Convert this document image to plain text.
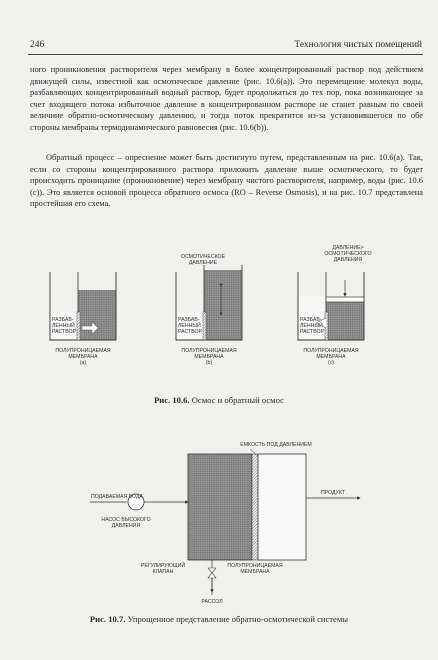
246	Технология чистых помещений

ного проникновения растворителя через мембрану в более концентрированный раствор под действием движущей силы, известной как осмотическое давление (рис. 10.6(a)). Это перемещение молекул воды, разбавляющих концентрированный водный раствор, будет продолжаться до тех пор, пока возникающее за счет входящего потока избыточное давление в концентрированном растворе не станет равным по своей величине обратно-осмотическому давлению, и тогда поток прекратится из-за установившегося по обе стороны мембраны термодинамического равновесия (рис. 10.6(b)).

Обратный процесс – опреснение может быть достигнуто путем, представленным на рис. 10.6(a). Так, если со стороны концентрированного раствора приложить давление выше осмотического, то будет происходить проницание (проникновение) через мембрану чистого растворителя, например, воды (рис. 10.6 (c)). Это является основой процесса обратного осмоса (RO – Reverse Osmosis), и на рис. 10.7 представлена простейшая его схема.

РАЗБАВ-
ЛЕННЫЙ
РАСТВОР
ПОЛУПРОНИЦАЕМАЯ
МЕМБРАНА
(a)
ОСМОТИЧЕСКОЕ
ДАВЛЕНИЕ
РАЗБАВ-
ЛЕННЫЙ
РАСТВОР
ПОЛУПРОНИЦАЕМАЯ
МЕМБРАНА
(b)
ДАВЛЕНИЕ>
ОСМОТИЧЕСКОГО
ДАВЛЕНИЯ
РАЗБАВ-
ЛЕННЫЙ
РАСТВОР
ПОЛУПРОНИЦАЕМАЯ
МЕМБРАНА
(c)
ЕМКОСТЬ ПОД ДАВЛЕНИЕМ
ПОДАВАЕМАЯ ВОДА
НАСОС ВЫСОКОГО
ДАВЛЕНИЯ
ПРОДУКТ
РЕГУЛИРУЮЩИЙ
КЛАПАН
ПОЛУПРОНИЦАЕМАЯ
МЕМБРАНА
РАССОЛ
Рис. 10.6. Осмос и обратный осмос
Рис. 10.7. Упрощенное представление обратно-осмотической системы
